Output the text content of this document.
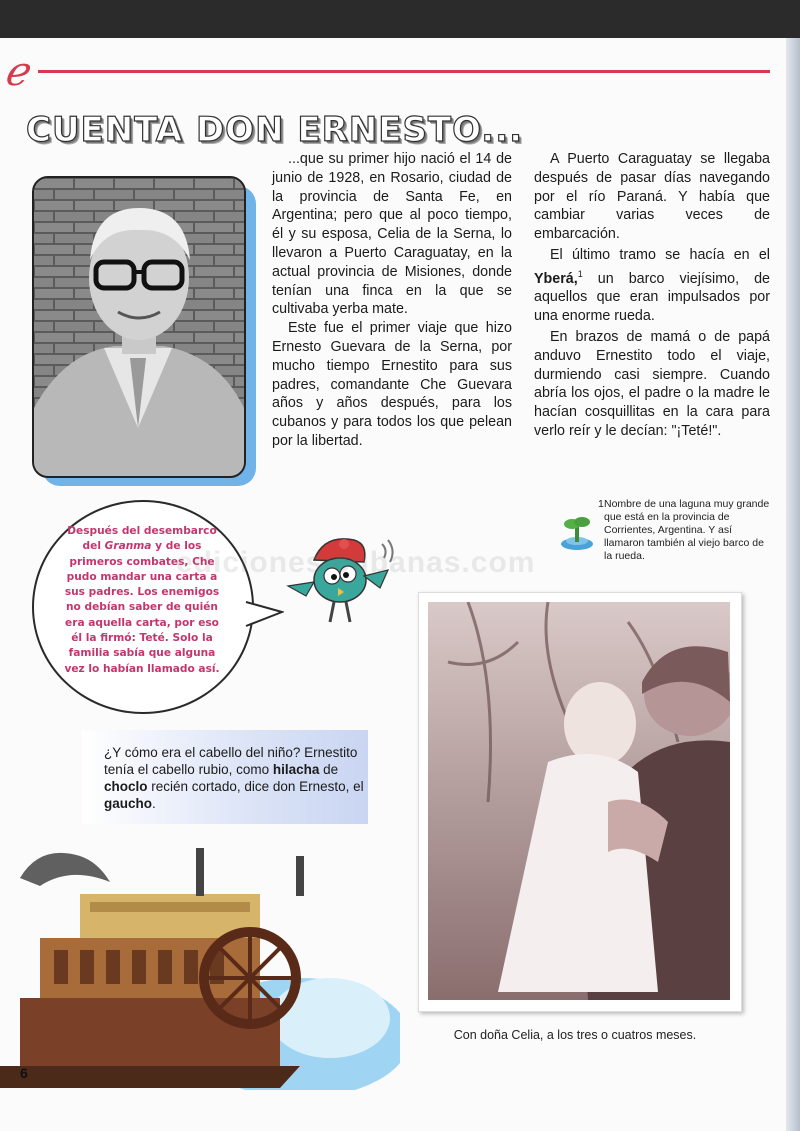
ℯ
CUENTA DON ERNESTO...

...que su primer hijo nació el 14 de junio de 1928, en Rosario, ciudad de la provincia de Santa Fe, en Argentina; pero que al poco tiempo, él y su esposa, Celia de la Serna, lo llevaron a Puerto Caraguatay, en la actual provincia de Misiones, donde tenían una finca en la que se cultivaba yerba mate.

Este fue el primer viaje que hizo Ernesto Guevara de la Serna, por mucho tiempo Ernestito para sus padres, comandante Che Guevara años y años después, para los cubanos y para todos los que pelean por la libertad.

A Puerto Caraguatay se llegaba después de pasar días navegando por el río Paraná. Y había que cambiar varias veces de embarcación.

El último tramo se hacía en el Yberá,$^1$ un barco viejísimo, de aquellos que eran impulsados por una enorme rueda.

En brazos de mamá o de papá anduvo Ernestito todo el viaje, durmiendo casi siempre. Cuando abría los ojos, el padre o la madre le hacían cosquillitas en la cara para verlo reír y le decían: "¡Teté!".

1 Nombre de una laguna muy grande que está en la provincia de Corrientes, Argentina. Y así llamaron también al viejo barco de la rueda.
Después del desembarco del Granma y de los primeros combates, Che pudo mandar una carta a sus padres. Los enemigos no debían saber de quién era aquella carta, por eso él la firmó: Teté. Solo la familia sabía que alguna vez lo habían llamado así.
ediciones cubanas.com
¿Y cómo era el cabello del niño? Ernestito tenía el cabello rubio, como hilacha de choclo recién cortado, dice don Ernesto, el gaucho.
Con doña Celia, a los tres o cuatros meses.
6
